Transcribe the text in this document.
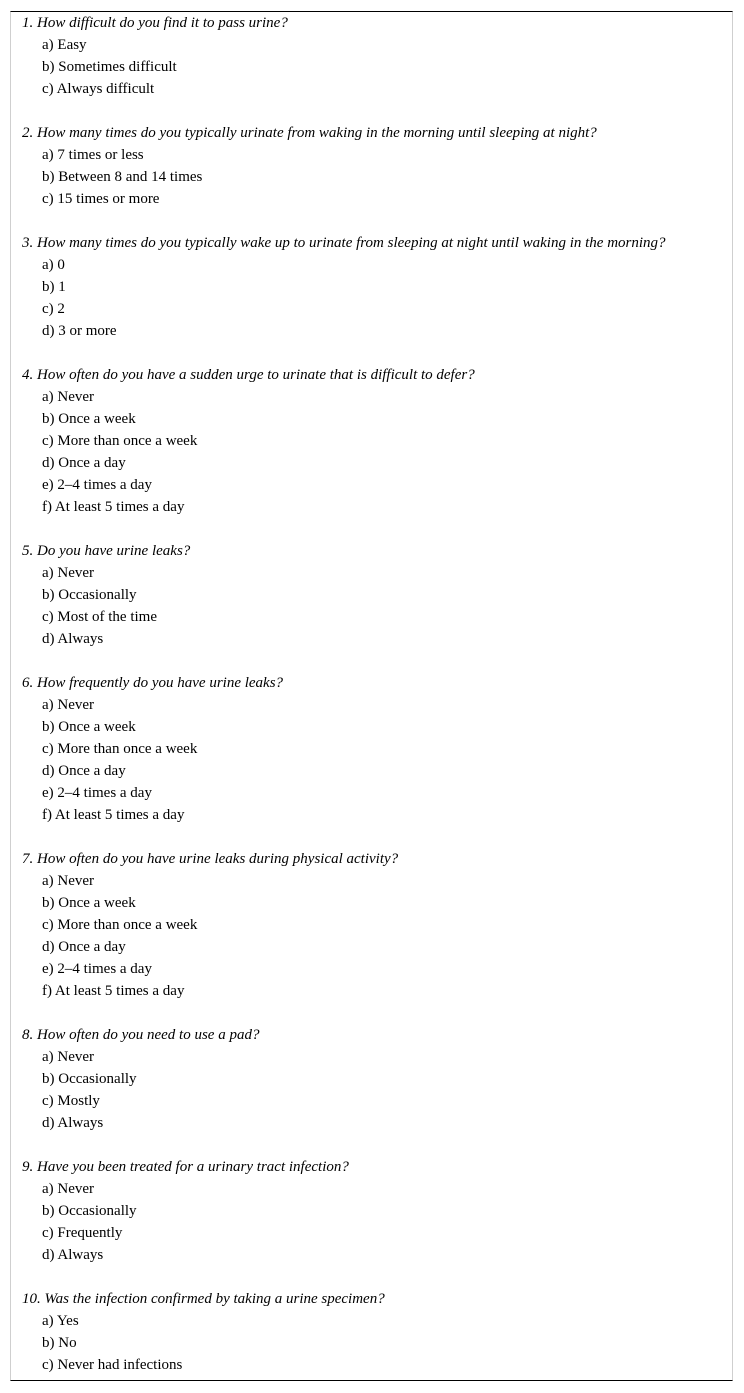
1. How difficult do you find it to pass urine?
a) Easy
b) Sometimes difficult
c) Always difficult
2. How many times do you typically urinate from waking in the morning until sleeping at night?
a) 7 times or less
b) Between 8 and 14 times
c) 15 times or more
3. How many times do you typically wake up to urinate from sleeping at night until waking in the morning?
a) 0
b) 1
c) 2
d) 3 or more
4. How often do you have a sudden urge to urinate that is difficult to defer?
a) Never
b) Once a week
c) More than once a week
d) Once a day
e) 2–4 times a day
f) At least 5 times a day
5. Do you have urine leaks?
a) Never
b) Occasionally
c) Most of the time
d) Always
6. How frequently do you have urine leaks?
a) Never
b) Once a week
c) More than once a week
d) Once a day
e) 2–4 times a day
f) At least 5 times a day
7. How often do you have urine leaks during physical activity?
a) Never
b) Once a week
c) More than once a week
d) Once a day
e) 2–4 times a day
f) At least 5 times a day
8. How often do you need to use a pad?
a) Never
b) Occasionally
c) Mostly
d) Always
9. Have you been treated for a urinary tract infection?
a) Never
b) Occasionally
c) Frequently
d) Always
10. Was the infection confirmed by taking a urine specimen?
a) Yes
b) No
c) Never had infections
